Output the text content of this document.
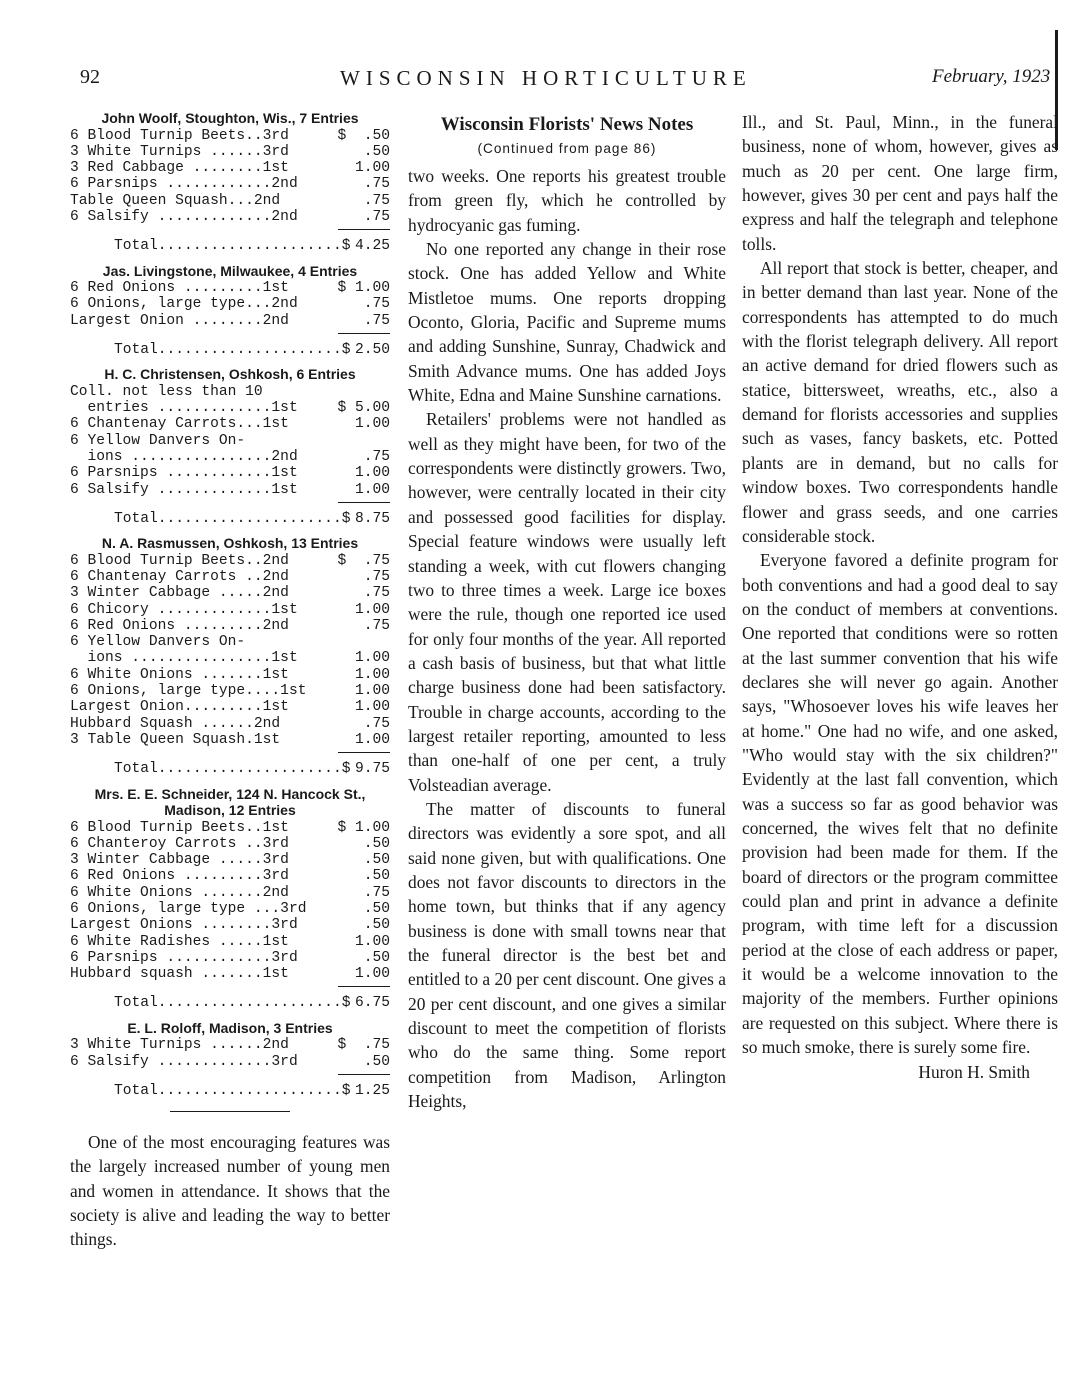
92	WISCONSIN HORTICULTURE	February, 1923
John Woolf, Stoughton, Wis., 7 Entries
6 Blood Turnip Beets..3rd	$  .50
3 White Turnips ......3rd	.50
3 Red Cabbage ........1st	1.00
6 Parsnips ............2nd	.75
Table Queen Squash...2nd	.75
6 Salsify .............2nd	.75
Total.....................$ 4.25
Jas. Livingstone, Milwaukee, 4 Entries
6 Red Onions .........1st	$ 1.00
6 Onions, large type...2nd	.75
Largest Onion ........2nd	.75
Total.....................$ 2.50
H. C. Christensen, Oshkosh, 6 Entries
Coll. not less than 10
entries .............1st	$ 5.00
6 Chantenay Carrots...1st	1.00
6 Yellow Danvers On-
ions ................2nd	.75
6 Parsnips ............1st	1.00
6 Salsify .............1st	1.00
Total.....................$ 8.75
N. A. Rasmussen, Oshkosh, 13 Entries
6 Blood Turnip Beets..2nd	$  .75
6 Chantenay Carrots ..2nd	.75
3 Winter Cabbage .....2nd	.75
6 Chicory .............1st	1.00
6 Red Onions .........2nd	.75
6 Yellow Danvers On-
ions ................1st	1.00
6 White Onions .......1st	1.00
6 Onions, large type....1st	1.00
Largest Onion.........1st	1.00
Hubbard Squash ......2nd	.75
3 Table Queen Squash.1st	1.00
Total.....................$ 9.75
Mrs. E. E. Schneider, 124 N. Hancock St., Madison, 12 Entries
6 Blood Turnip Beets..1st	$ 1.00
6 Chanteroy Carrots ..3rd	.50
3 Winter Cabbage .....3rd	.50
6 Red Onions .........3rd	.50
6 White Onions .......2nd	.75
6 Onions, large type ...3rd	.50
Largest Onions ........3rd	.50
6 White Radishes .....1st	1.00
6 Parsnips ............3rd	.50
Hubbard squash .......1st	1.00
Total.....................$ 6.75
E. L. Roloff, Madison, 3 Entries
3 White Turnips ......2nd	$  .75
6 Salsify .............3rd	.50
Total.....................$ 1.25

One of the most encouraging features was the largely increased number of young men and women in attendance. It shows that the society is alive and leading the way to better things.

Wisconsin Florists' News Notes
(Continued from page 86)

two weeks. One reports his greatest trouble from green fly, which he controlled by hydrocyanic gas fuming.

No one reported any change in their rose stock. One has added Yellow and White Mistletoe mums. One reports dropping Oconto, Gloria, Pacific and Supreme mums and adding Sunshine, Sunray, Chadwick and Smith Advance mums. One has added Joys White, Edna and Maine Sunshine carnations.

Retailers' problems were not handled as well as they might have been, for two of the correspondents were distinctly growers. Two, however, were centrally located in their city and possessed good facilities for display. Special feature windows were usually left standing a week, with cut flowers changing two to three times a week. Large ice boxes were the rule, though one reported ice used for only four months of the year. All reported a cash basis of business, but that what little charge business done had been satisfactory. Trouble in charge accounts, according to the largest retailer reporting, amounted to less than one-half of one per cent, a truly Volsteadian average.

The matter of discounts to funeral directors was evidently a sore spot, and all said none given, but with qualifications. One does not favor discounts to directors in the home town, but thinks that if any agency business is done with small towns near that the funeral director is the best bet and entitled to a 20 per cent discount. One gives a 20 per cent discount, and one gives a similar discount to meet the competition of florists who do the same thing. Some report competition from Madison, Arlington Heights,

Ill., and St. Paul, Minn., in the funeral business, none of whom, however, gives as much as 20 per cent. One large firm, however, gives 30 per cent and pays half the express and half the telegraph and telephone tolls.

All report that stock is better, cheaper, and in better demand than last year. None of the correspondents has attempted to do much with the florist telegraph delivery. All report an active demand for dried flowers such as statice, bittersweet, wreaths, etc., also a demand for florists accessories and supplies such as vases, fancy baskets, etc. Potted plants are in demand, but no calls for window boxes. Two correspondents handle flower and grass seeds, and one carries considerable stock.

Everyone favored a definite program for both conventions and had a good deal to say on the conduct of members at conventions. One reported that conditions were so rotten at the last summer convention that his wife declares she will never go again. Another says, "Whosoever loves his wife leaves her at home." One had no wife, and one asked, "Who would stay with the six children?" Evidently at the last fall convention, which was a success so far as good behavior was concerned, the wives felt that no definite provision had been made for them. If the board of directors or the program committee could plan and print in advance a definite program, with time left for a discussion period at the close of each address or paper, it would be a welcome innovation to the majority of the members. Further opinions are requested on this subject. Where there is so much smoke, there is surely some fire.

Huron H. Smith
